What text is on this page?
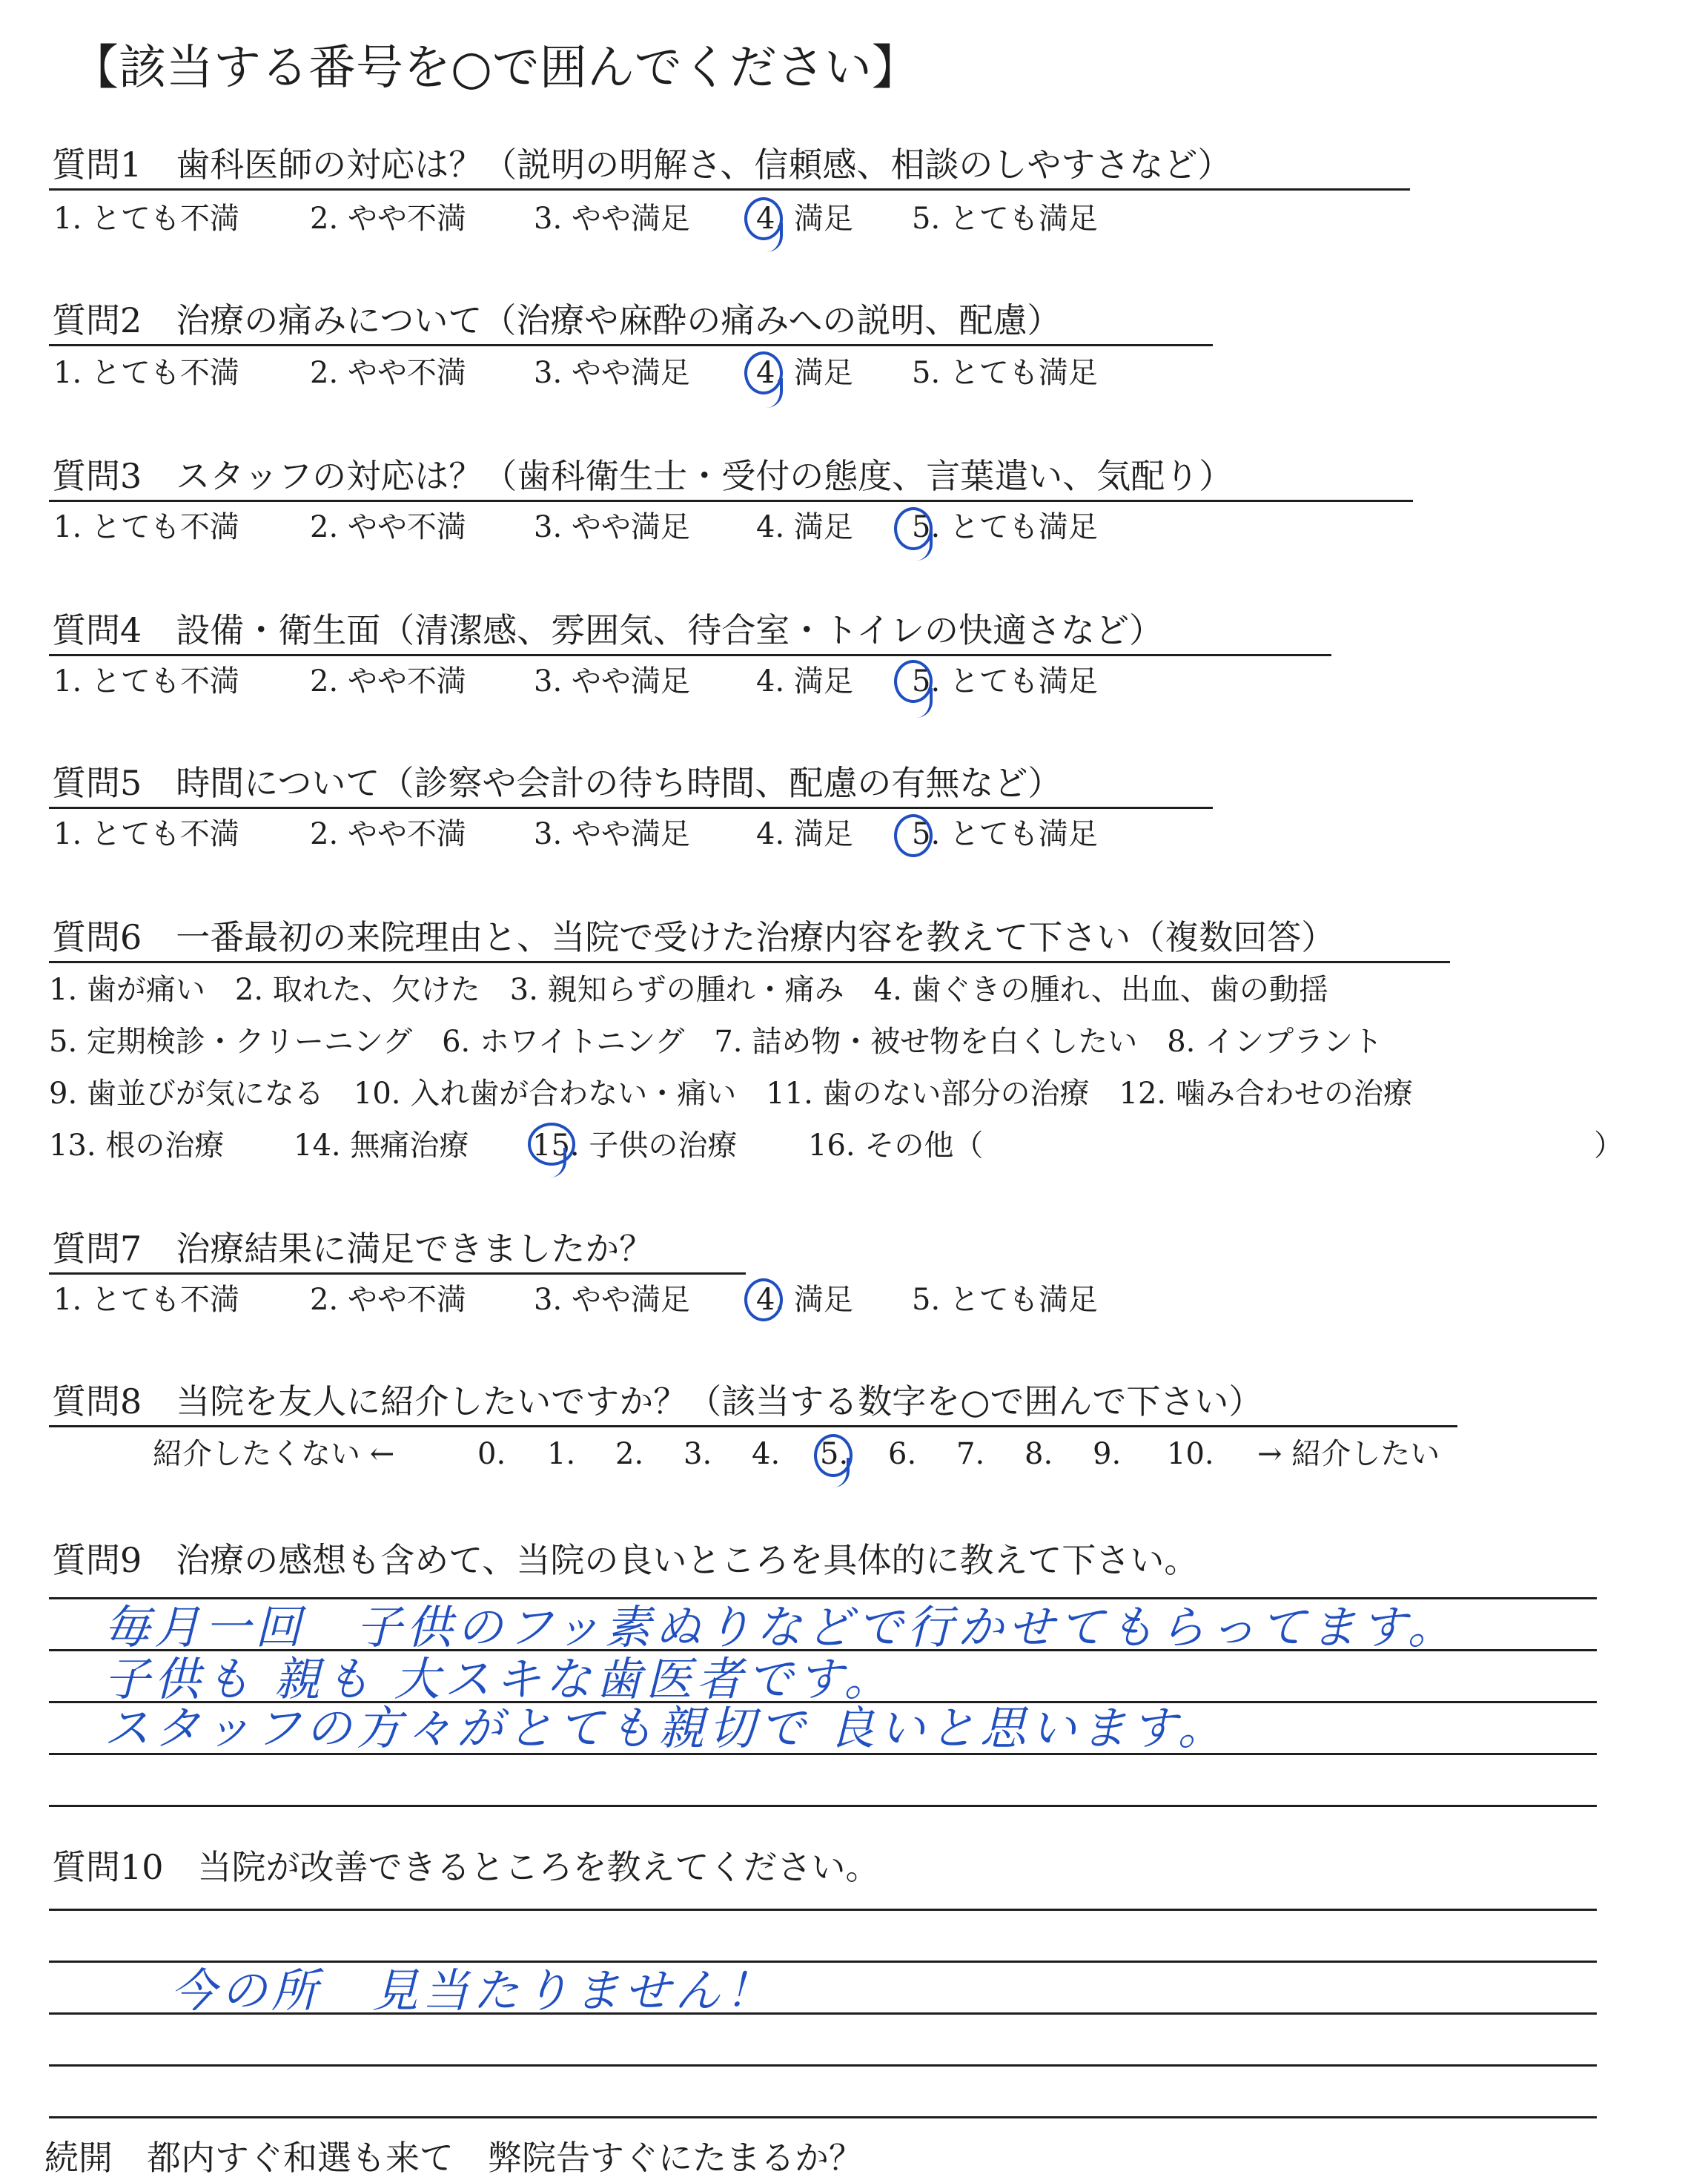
【該当する番号を○で囲んでください】
質問1　歯科医師の対応は？（説明の明解さ、信頼感、相談のしやすさなど）
1. とても不満 2. やや不満 3. やや満足 4. 満足 5. とても満足
質問2　治療の痛みについて（治療や麻酔の痛みへの説明、配慮）
1. とても不満 2. やや不満 3. やや満足 4. 満足 5. とても満足
質問3　スタッフの対応は？（歯科衛生士・受付の態度、言葉遣い、気配り）
1. とても不満 2. やや不満 3. やや満足 4. 満足 5. とても満足
質問4　設備・衛生面（清潔感、雰囲気、待合室・トイレの快適さなど）
1. とても不満 2. やや不満 3. やや満足 4. 満足 5. とても満足
質問5　時間について（診察や会計の待ち時間、配慮の有無など）
1. とても不満 2. やや不満 3. やや満足 4. 満足 5. とても満足
質問6　一番最初の来院理由と、当院で受けた治療内容を教えて下さい（複数回答）
1. 歯が痛い　2. 取れた、欠けた　3. 親知らずの腫れ・痛み　4. 歯ぐきの腫れ、出血、歯の動揺
5. 定期検診・クリーニング　6. ホワイトニング　7. 詰め物・被せ物を白くしたい　8. インプラント
9. 歯並びが気になる　10. 入れ歯が合わない・痛い　11. 歯のない部分の治療　12. 噛み合わせの治療
13. 根の治療 14. 無痛治療 15. 子供の治療 16. その他（	）
質問7　治療結果に満足できましたか？
1. とても不満 2. やや不満 3. やや満足 4. 満足 5. とても満足
質問8　当院を友人に紹介したいですか？（該当する数字を○で囲んで下さい）
紹介したくない ←	0. 1. 2. 3. 4. 5. 6. 7. 8. 9. 10. → 紹介したい
質問9　治療の感想も含めて、当院の良いところを具体的に教えて下さい。
毎月一回　子供のフッ素ぬりなどで行かせてもらってます。
子供も 親も 大スキな歯医者です。
スタッフの方々がとても親切で 良いと思います。
質問10　当院が改善できるところを教えてください。
今の所　見当たりません！
続開　都内すぐ和選も来て　弊院告すぐにたまるか？
